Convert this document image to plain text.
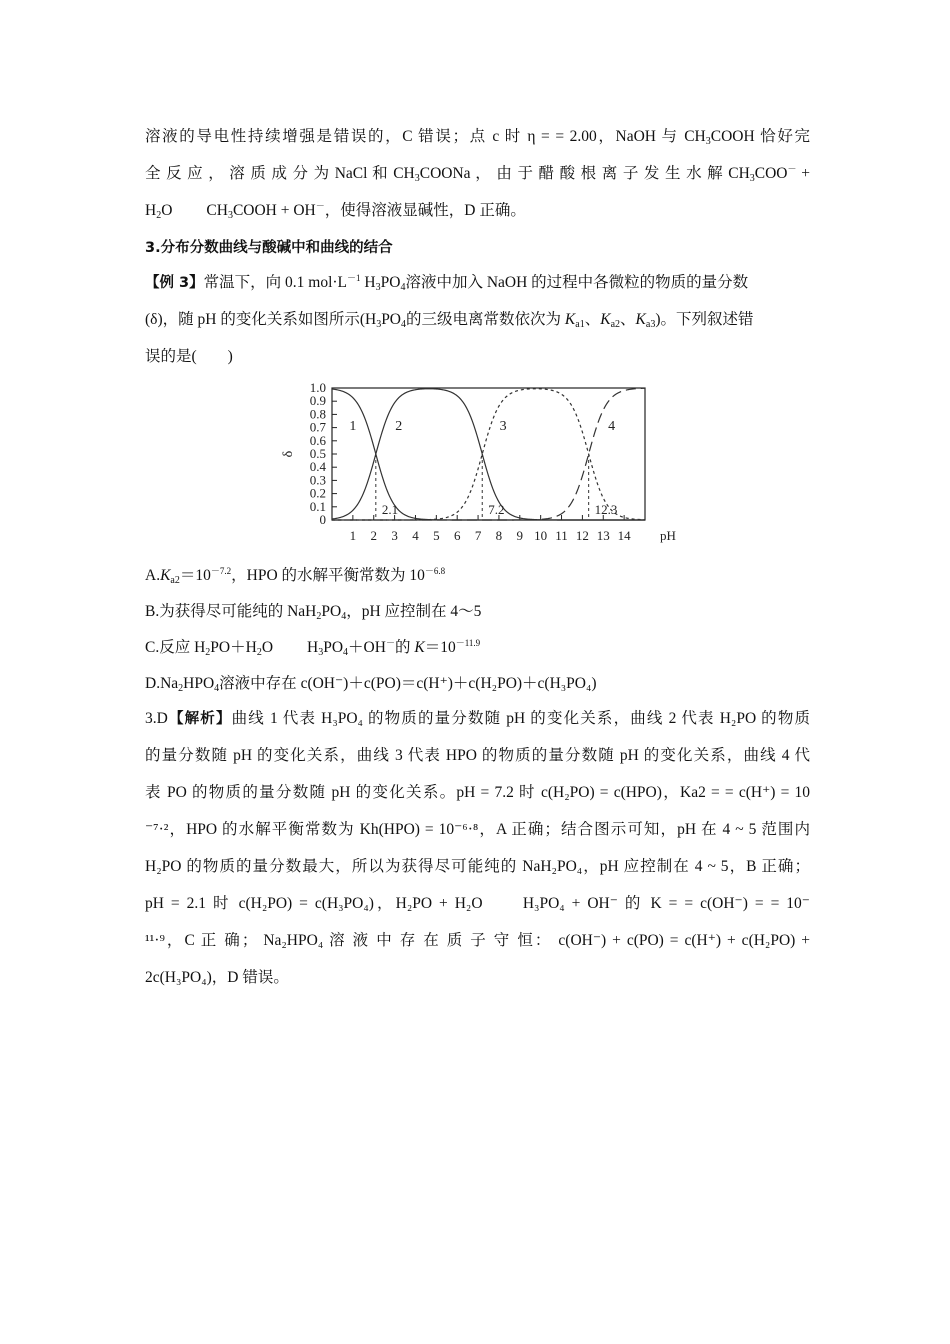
溶液的导电性持续增强是错误的，C 错误；点 c 时 η = = 2.00，NaOH 与 $CH_3COOH$ 恰好完
全 反 应 ， 溶 质 成 分 为 NaCl 和 $CH_3COONa$ ， 由 于 醋 酸 根 离 子 发 生 水 解 $CH_3COO^-$ +
$H_2O$ $CH_3COOH + OH^-$，使得溶液显碱性，D 正确。
3.分布分数曲线与酸碱中和曲线的结合
【例 3】常温下，向 0.1 $mol\cdot L^{-1}$ $H_3PO_4$溶液中加入 NaOH 的过程中各微粒的物质的量分数
(δ)，随 pH 的变化关系如图所示($H_3PO_4$的三级电离常数依次为 $K_{a1}$、$K_{a2}$、$K_{a3}$)。下列叙述错
误的是(　　)
0
0.1
0.2
0.3
0.4
0.5
0.6
0.7
0.8
0.9
1.0
1 2 3 4 5 6 7 8 9 10 11 12 13 14 pH
δ
1	2	3	4
2.1	7.2	12.3
$A.K_{a2}=10^{-7.2}$，HPO 的水解平衡常数为 $10^{-6.8}$
B.为获得尽可能纯的 $NaH_2PO_4$，pH 应控制在 4～5
C.反应 $H_2PO+H_2O$ $H_3PO_4+OH^-$的 $K=10^{-11.9}$
$D.Na_2HPO_4$溶液中存在 c(OH⁻)＋c(PO)＝c(H⁺)＋c(H₂PO)＋c(H₃PO₄)
3.D【解析】曲线 1 代表 H₃PO₄ 的物质的量分数随 pH 的变化关系，曲线 2 代表 H₂PO 的物质
的量分数随 pH 的变化关系，曲线 3 代表 HPO 的物质的量分数随 pH 的变化关系，曲线 4 代
表 PO 的物质的量分数随 pH 的变化关系。pH = 7.2 时 c(H₂PO) = c(HPO)，Ka2 = = c(H⁺) = 10
⁻⁷·²，HPO 的水解平衡常数为 Kh(HPO) = 10⁻⁶·⁸，A 正确；结合图示可知，pH 在 4 ~ 5 范围内
H₂PO 的物质的量分数最大，所以为获得尽可能纯的 NaH₂PO₄，pH 应控制在 4 ~ 5，B 正确；
pH = 2.1 时 c(H₂PO) = c(H₃PO₄)，H₂PO + H₂O　　H₃PO₄ + OH⁻ 的 K = = c(OH⁻) = = 10⁻
¹¹·⁹，C 正 确； Na₂HPO₄ 溶 液 中 存 在 质 子 守 恒： c(OH⁻) + c(PO) = c(H⁺) + c(H₂PO) +
2c(H₃PO₄)，D 错误。
